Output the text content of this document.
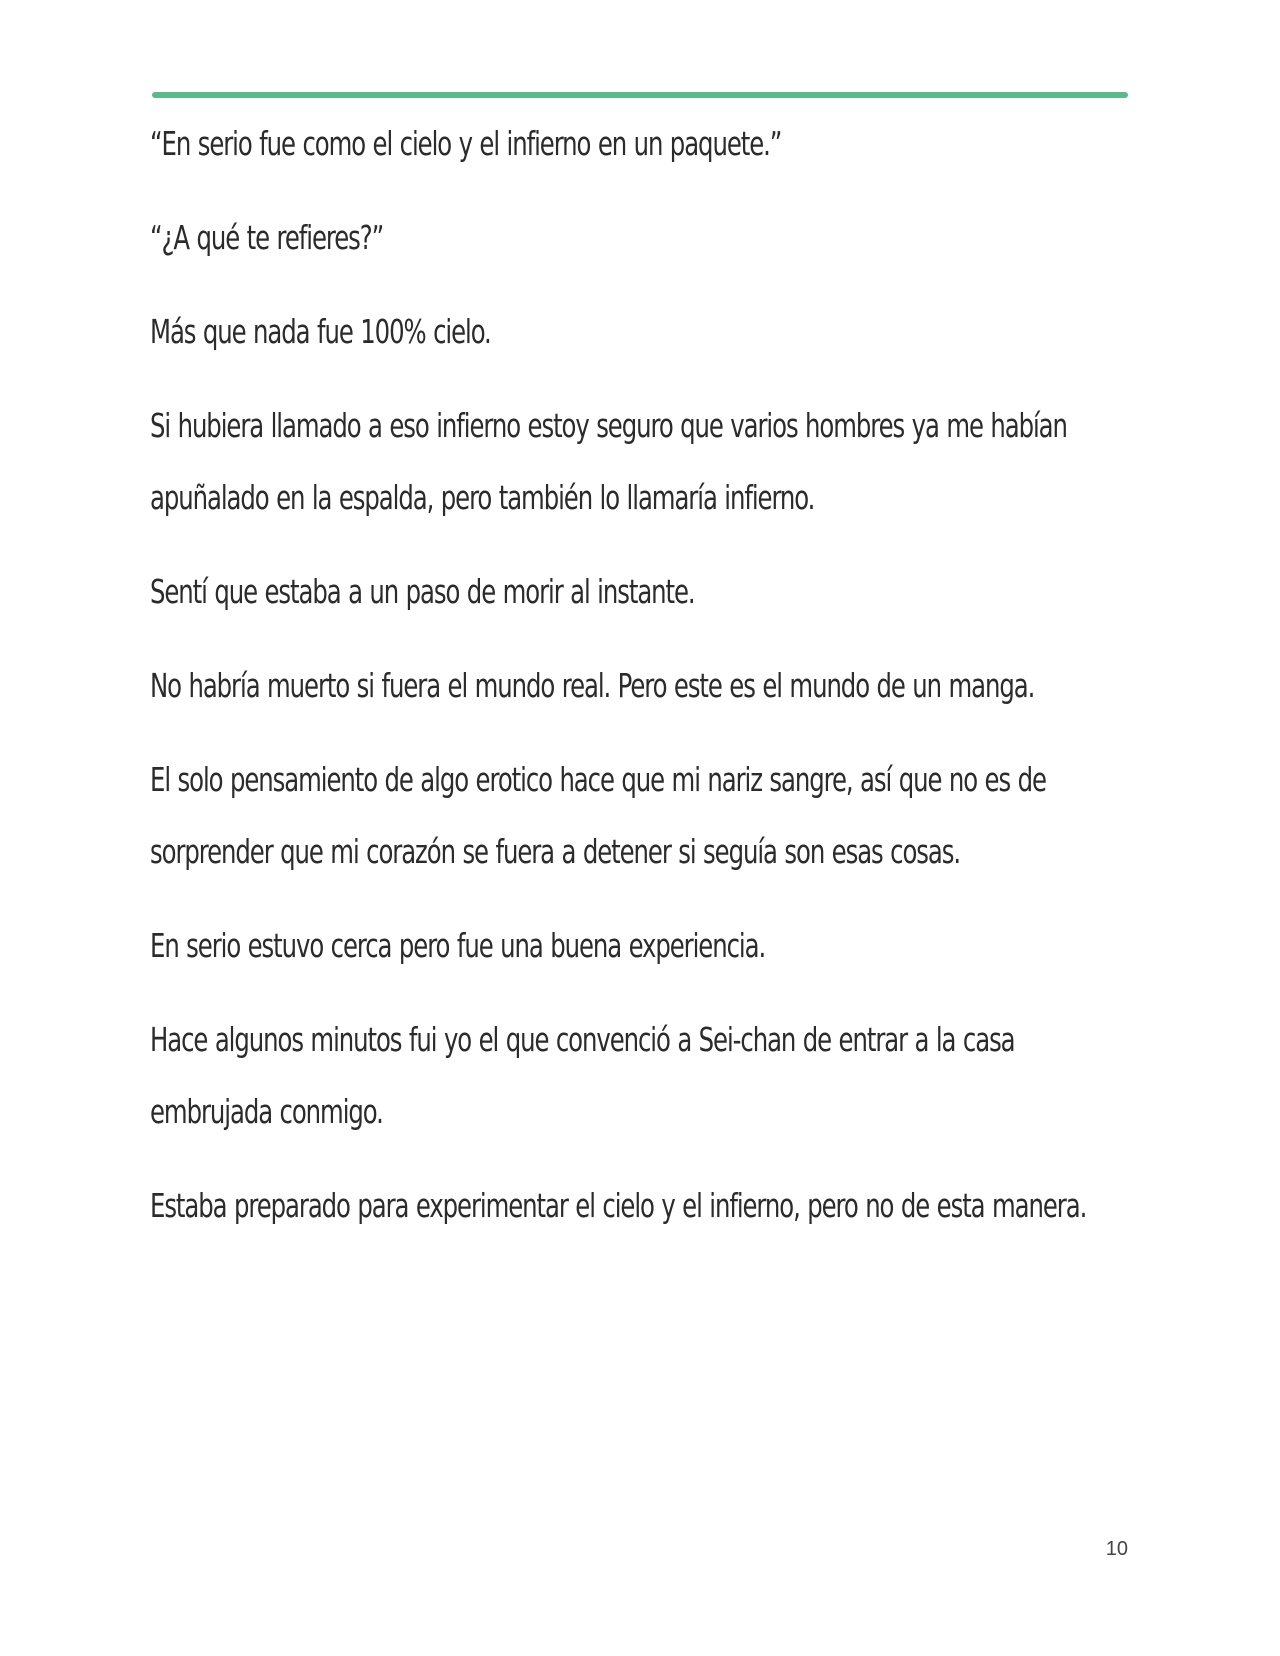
“En serio fue como el cielo y el infierno en un paquete.”

“¿A qué te refieres?”

Más que nada fue 100% cielo.

Si hubiera llamado a eso infierno estoy seguro que varios hombres ya me habían apuñalado en la espalda, pero también lo llamaría infierno.

Sentí que estaba a un paso de morir al instante.

No habría muerto si fuera el mundo real. Pero este es el mundo de un manga.

El solo pensamiento de algo erotico hace que mi nariz sangre, así que no es de sorprender que mi corazón se fuera a detener si seguía son esas cosas.

En serio estuvo cerca pero fue una buena experiencia.

Hace algunos minutos fui yo el que convenció a Sei-chan de entrar a la casa embrujada conmigo.

Estaba preparado para experimentar el cielo y el infierno, pero no de esta manera.

10
